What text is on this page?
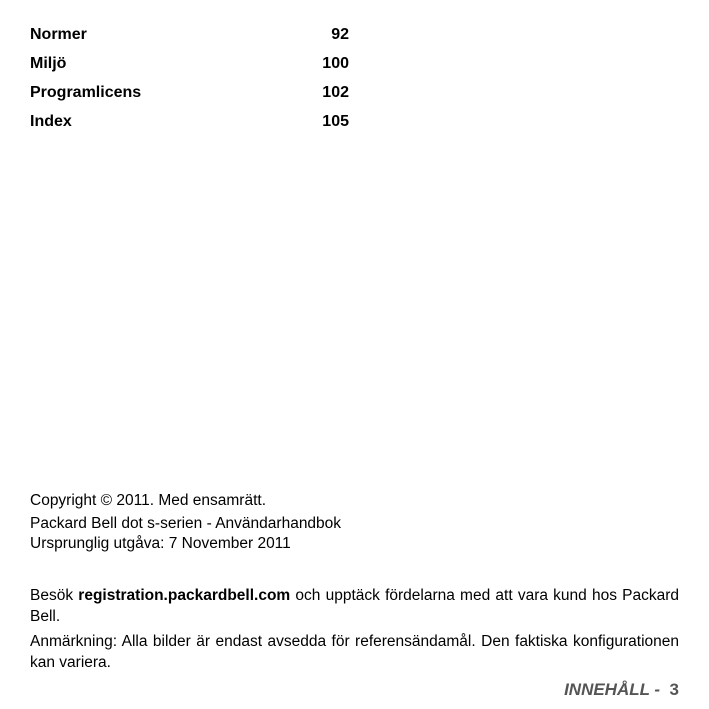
Normer	92
Miljö	100
Programlicens	102
Index	105
Copyright © 2011. Med ensamrätt.
Packard Bell dot s-serien - Användarhandbok
Ursprunglig utgåva: 7 November 2011

Besök registration.packardbell.com och upptäck fördelarna med att vara kund hos Packard Bell.

Anmärkning: Alla bilder är endast avsedda för referensändamål. Den faktiska konfigurationen kan variera.

INNEHÅLL - 3
